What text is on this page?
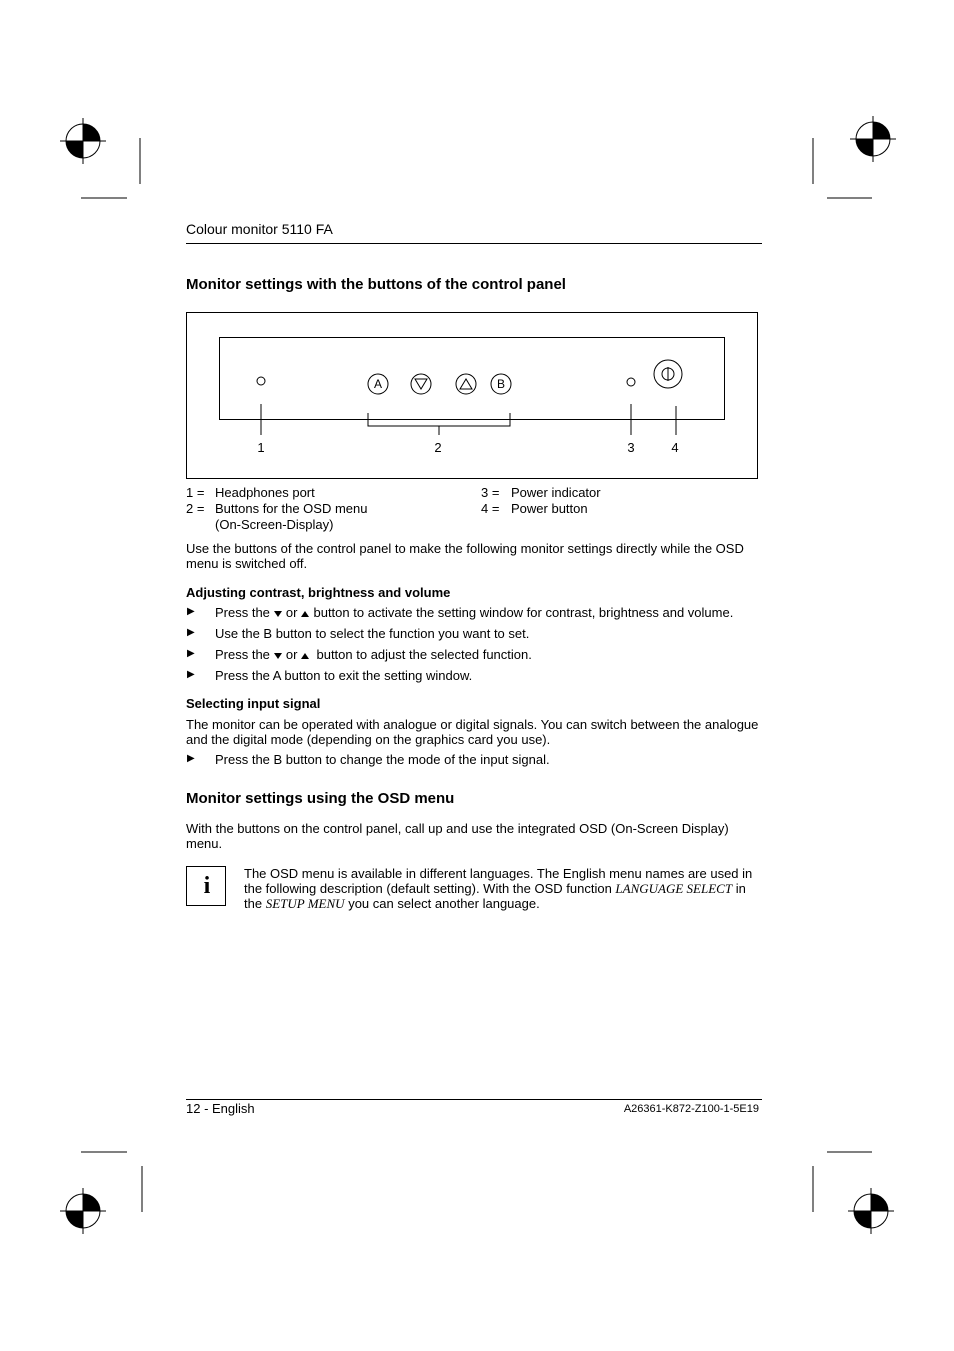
Colour monitor 5110 FA
Monitor settings with the buttons of the control panel
A	B
1	2	3	4
1 = Headphones port
2 = Buttons for the OSD menu
(On-Screen-Display)
3 = Power indicator
4 = Power button
Use the buttons of the control panel to make the following monitor settings directly while the OSD menu is switched off.
Adjusting contrast, brightness and volume
▶ Press the or button to activate the setting window for contrast, brightness and volume.
▶ Use the B button to select the function you want to set.
▶ Press the or button to adjust the selected function.
▶ Press the A button to exit the setting window.
Selecting input signal
The monitor can be operated with analogue or digital signals. You can switch between the analogue and the digital mode (depending on the graphics card you use).
▶ Press the B button to change the mode of the input signal.
Monitor settings using the OSD menu
With the buttons on the control panel, call up and use the integrated OSD (On-Screen Display) menu.
i	The OSD menu is available in different languages. The English menu names are used in the following description (default setting). With the OSD function LANGUAGE SELECT in the SETUP MENU you can select another language.
12 - English	A26361-K872-Z100-1-5E19
